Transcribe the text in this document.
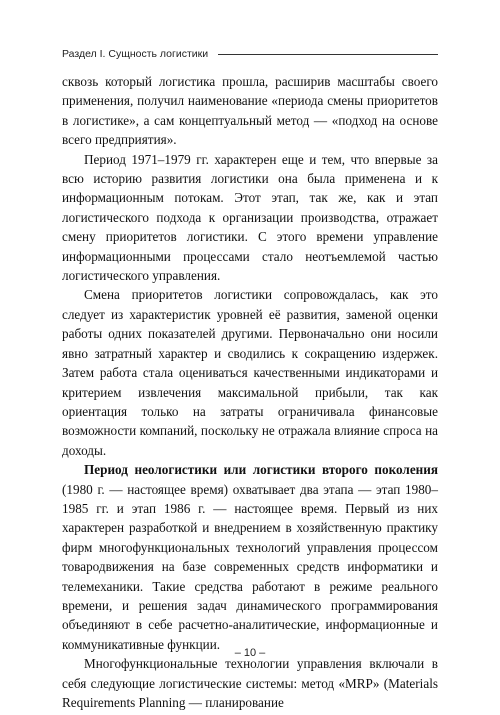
Раздел I. Сущность логистики

сквозь который логистика прошла, расширив масштабы своего применения, получил наименование «периода смены приоритетов в логистике», а сам концептуальный метод — «подход на основе всего предприятия».

Период 1971–1979 гг. характерен еще и тем, что впервые за всю историю развития логистики она была применена и к информационным потокам. Этот этап, так же, как и этап логистического подхода к организации производства, отражает смену приоритетов логистики. С этого времени управление информационными процессами стало неотъемлемой частью логистического управления.

Смена приоритетов логистики сопровождалась, как это следует из характеристик уровней её развития, заменой оценки работы одних показателей другими. Первоначально они носили явно затратный характер и сводились к сокращению издержек. Затем работа стала оцениваться качественными индикаторами и критерием извлечения максимальной прибыли, так как ориентация только на затраты ограничивала финансовые возможности компаний, поскольку не отражала влияние спроса на доходы.

Период неологистики или логистики второго поколения (1980 г. — настоящее время) охватывает два этапа — этап 1980–1985 гг. и этап 1986 г. — настоящее время. Первый из них характерен разработкой и внедрением в хозяйственную практику фирм многофункциональных технологий управления процессом товародвижения на базе современных средств информатики и телемеханики. Такие средства работают в режиме реального времени, и решения задач динамического программирования объединяют в себе расчетно-аналитические, информационные и коммуникативные функции.

Многофункциональные технологии управления включали в себя следующие логистические системы: метод «MRP» (Materials Requirements Planning — планирование

– 10 –
